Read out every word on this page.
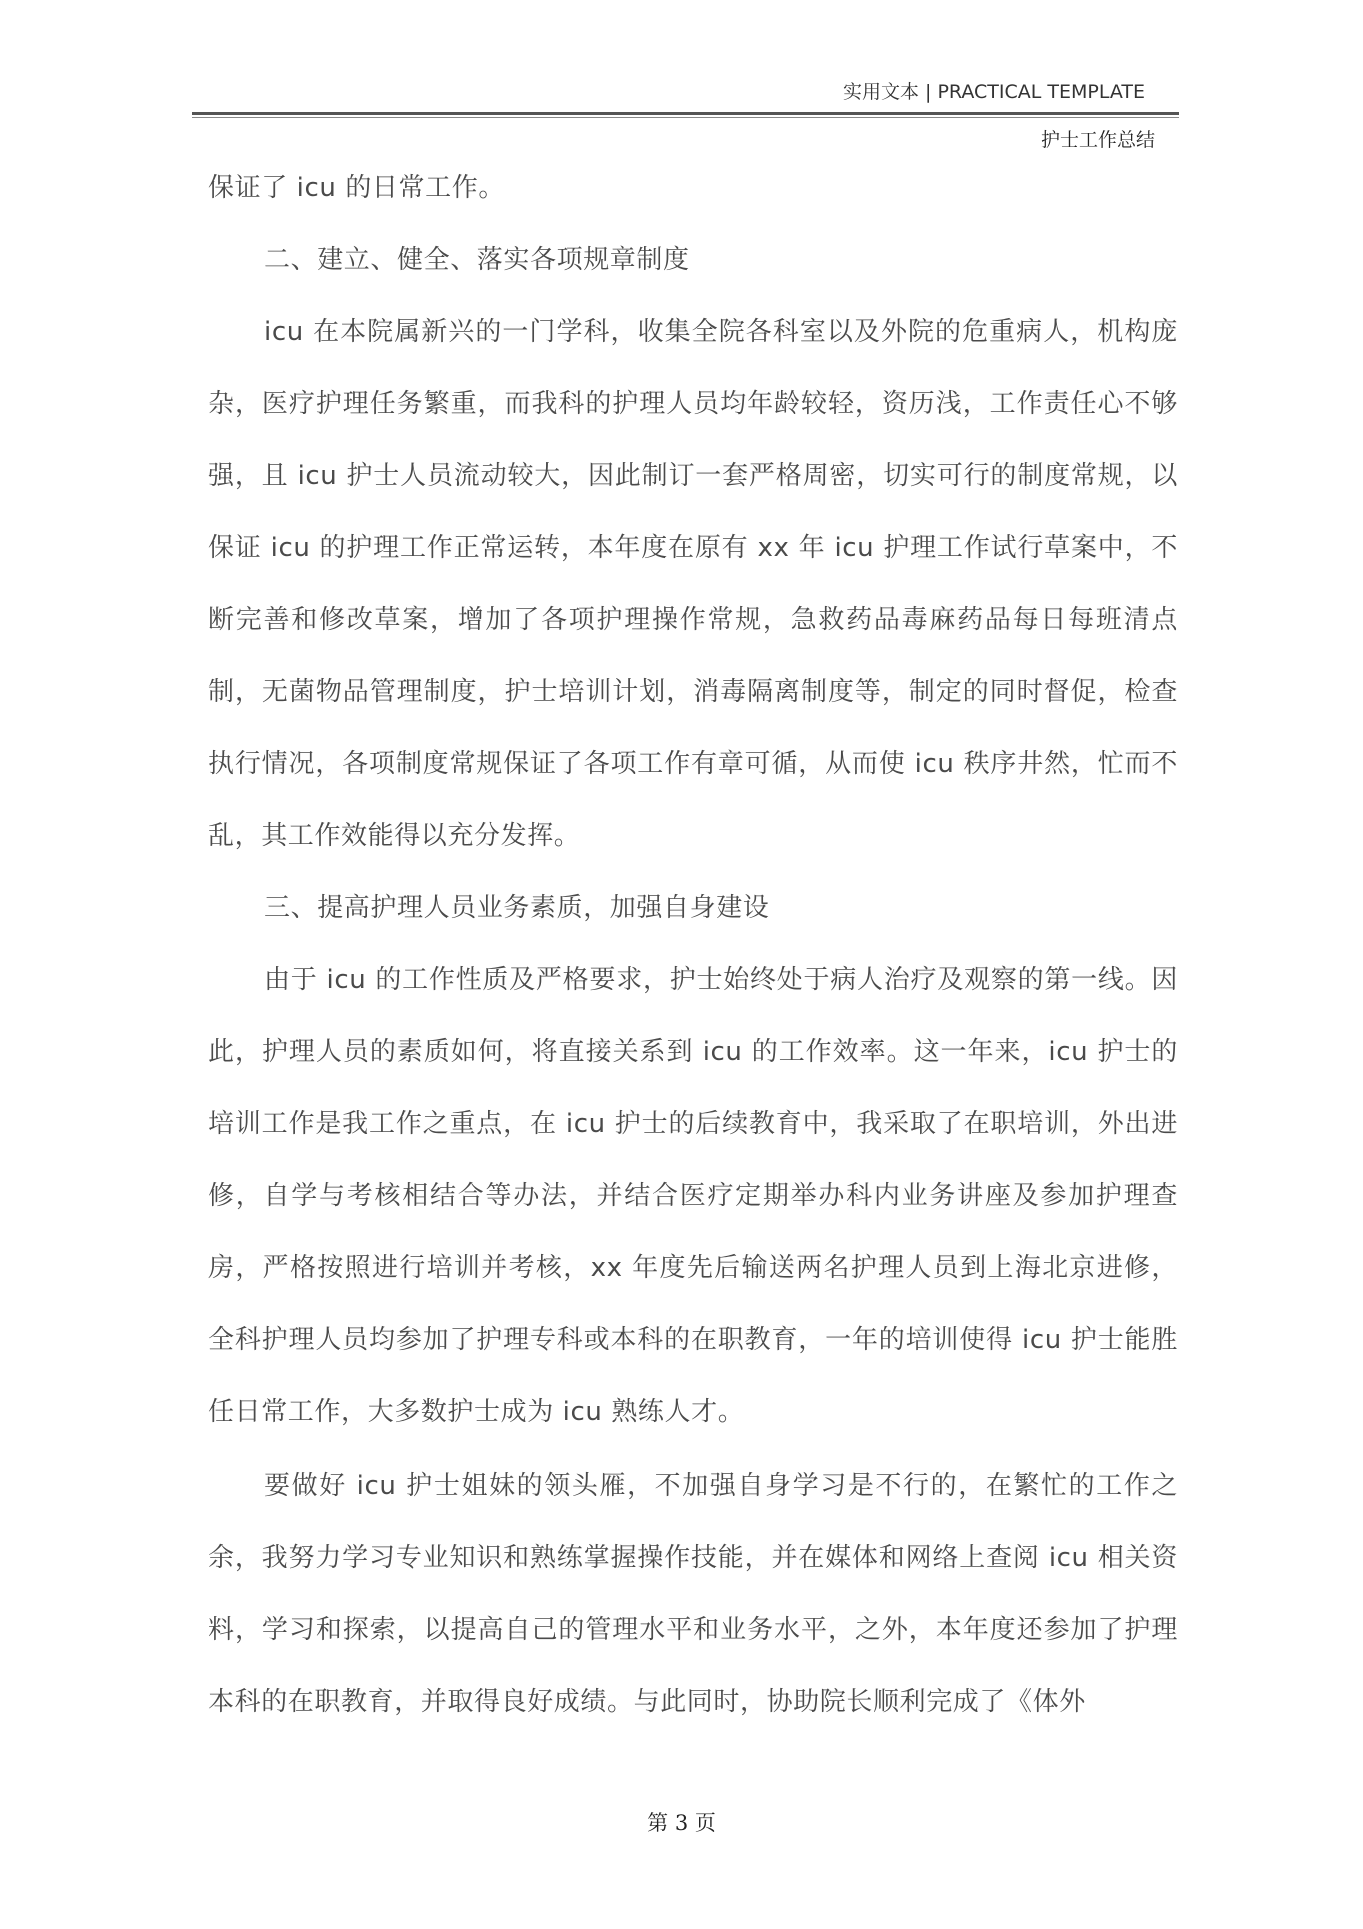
实用文本 | PRACTICAL TEMPLATE
护士工作总结

保证了 icu 的日常工作。

二、建立、健全、落实各项规章制度

icu 在本院属新兴的一门学科，收集全院各科室以及外院的危重病人，机构庞杂，医疗护理任务繁重，而我科的护理人员均年龄较轻，资历浅，工作责任心不够强，且 icu 护士人员流动较大，因此制订一套严格周密，切实可行的制度常规，以保证 icu 的护理工作正常运转，本年度在原有 xx 年 icu 护理工作试行草案中，不断完善和修改草案，增加了各项护理操作常规，急救药品毒麻药品每日每班清点制，无菌物品管理制度，护士培训计划，消毒隔离制度等，制定的同时督促，检查执行情况，各项制度常规保证了各项工作有章可循，从而使 icu 秩序井然，忙而不乱，其工作效能得以充分发挥。

三、提高护理人员业务素质，加强自身建设

由于 icu 的工作性质及严格要求，护士始终处于病人治疗及观察的第一线。因此，护理人员的素质如何，将直接关系到 icu 的工作效率。这一年来，icu 护士的培训工作是我工作之重点，在 icu 护士的后续教育中，我采取了在职培训，外出进修，自学与考核相结合等办法，并结合医疗定期举办科内业务讲座及参加护理查房，严格按照进行培训并考核，xx 年度先后输送两名护理人员到上海北京进修，全科护理人员均参加了护理专科或本科的在职教育，一年的培训使得 icu 护士能胜任日常工作，大多数护士成为 icu 熟练人才。

要做好 icu 护士姐妹的领头雁，不加强自身学习是不行的，在繁忙的工作之余，我努力学习专业知识和熟练掌握操作技能，并在媒体和网络上查阅 icu 相关资料，学习和探索，以提高自己的管理水平和业务水平，之外，本年度还参加了护理本科的在职教育，并取得良好成绩。与此同时，协助院长顺利完成了《体外

第 3 页
